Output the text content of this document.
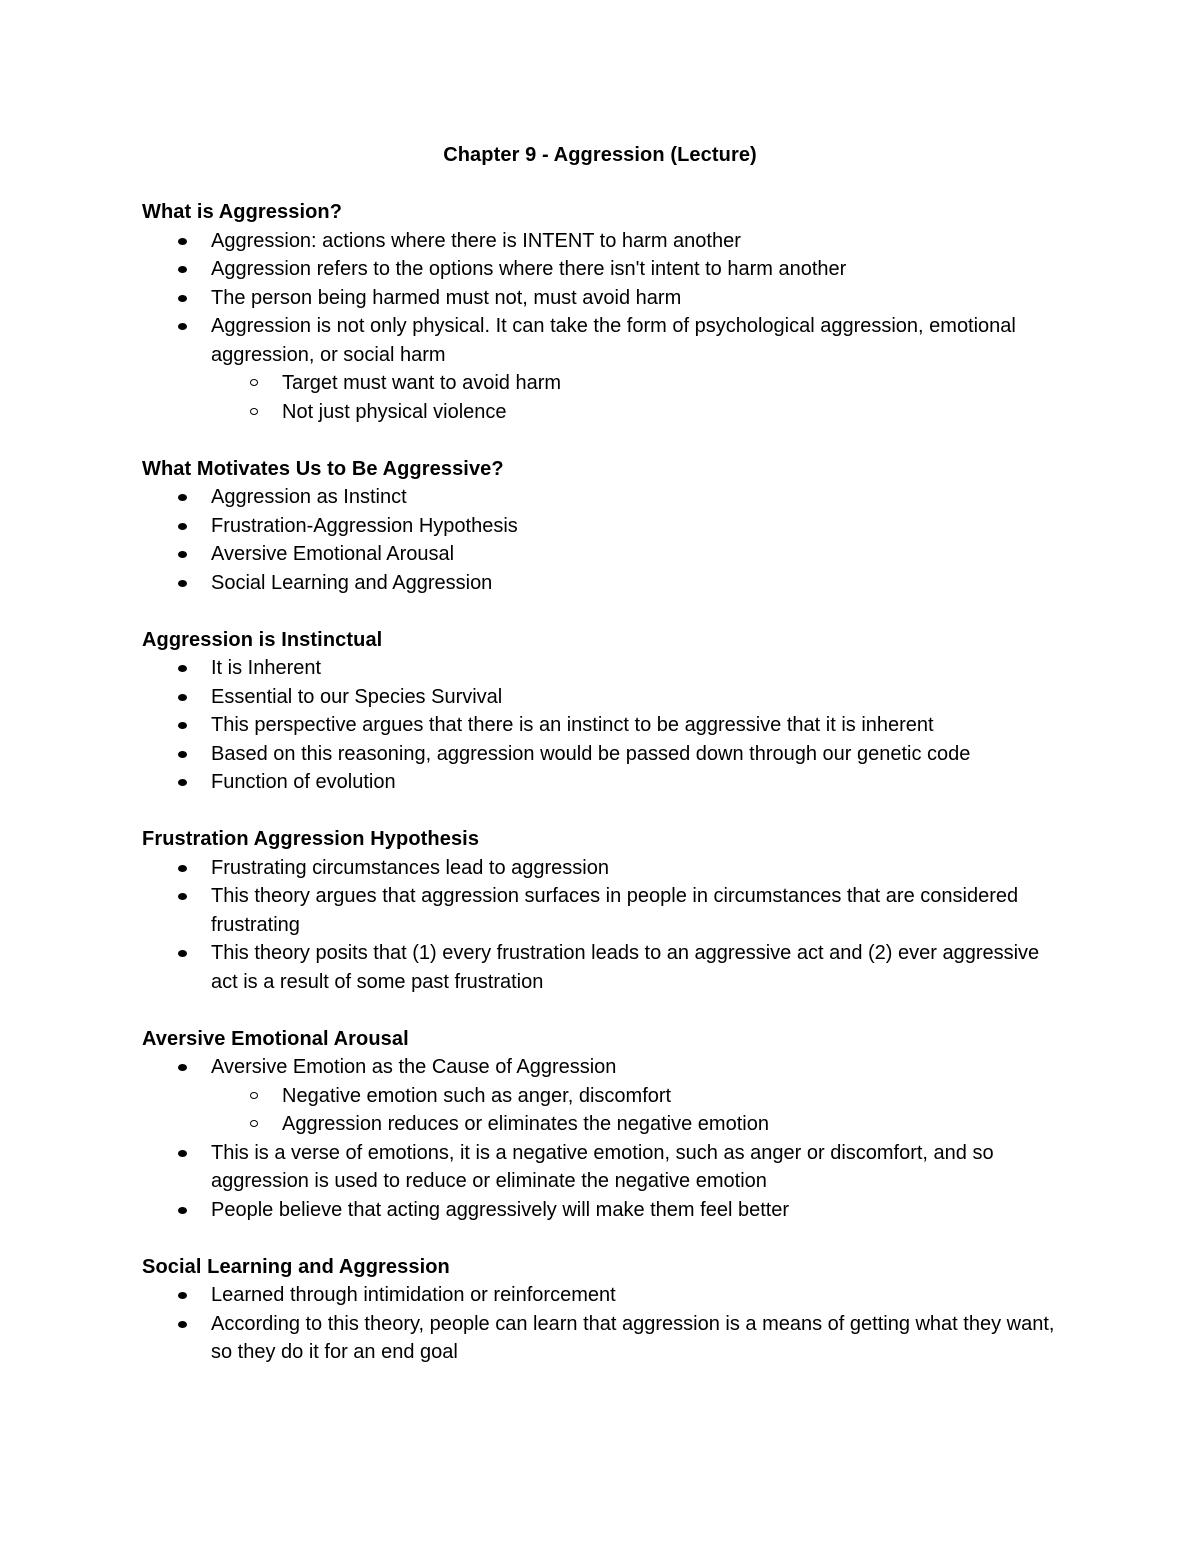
Chapter 9 - Aggression (Lecture)
What is Aggression?
Aggression: actions where there is INTENT to harm another
Aggression refers to the options where there isn't intent to harm another
The person being harmed must not, must avoid harm
Aggression is not only physical. It can take the form of psychological aggression, emotional aggression, or social harm
Target must want to avoid harm
Not just physical violence
What Motivates Us to Be Aggressive?
Aggression as Instinct
Frustration-Aggression Hypothesis
Aversive Emotional Arousal
Social Learning and Aggression
Aggression is Instinctual
It is Inherent
Essential to our Species Survival
This perspective argues that there is an instinct to be aggressive that it is inherent
Based on this reasoning, aggression would be passed down through our genetic code
Function of evolution
Frustration Aggression Hypothesis
Frustrating circumstances lead to aggression
This theory argues that aggression surfaces in people in circumstances that are considered frustrating
This theory posits that (1) every frustration leads to an aggressive act and (2) ever aggressive act is a result of some past frustration
Aversive Emotional Arousal
Aversive Emotion as the Cause of Aggression
Negative emotion such as anger, discomfort
Aggression reduces or eliminates the negative emotion
This is a verse of emotions, it is a negative emotion, such as anger or discomfort, and so aggression is used to reduce or eliminate the negative emotion
People believe that acting aggressively will make them feel better
Social Learning and Aggression
Learned through intimidation or reinforcement
According to this theory, people can learn that aggression is a means of getting what they want, so they do it for an end goal
